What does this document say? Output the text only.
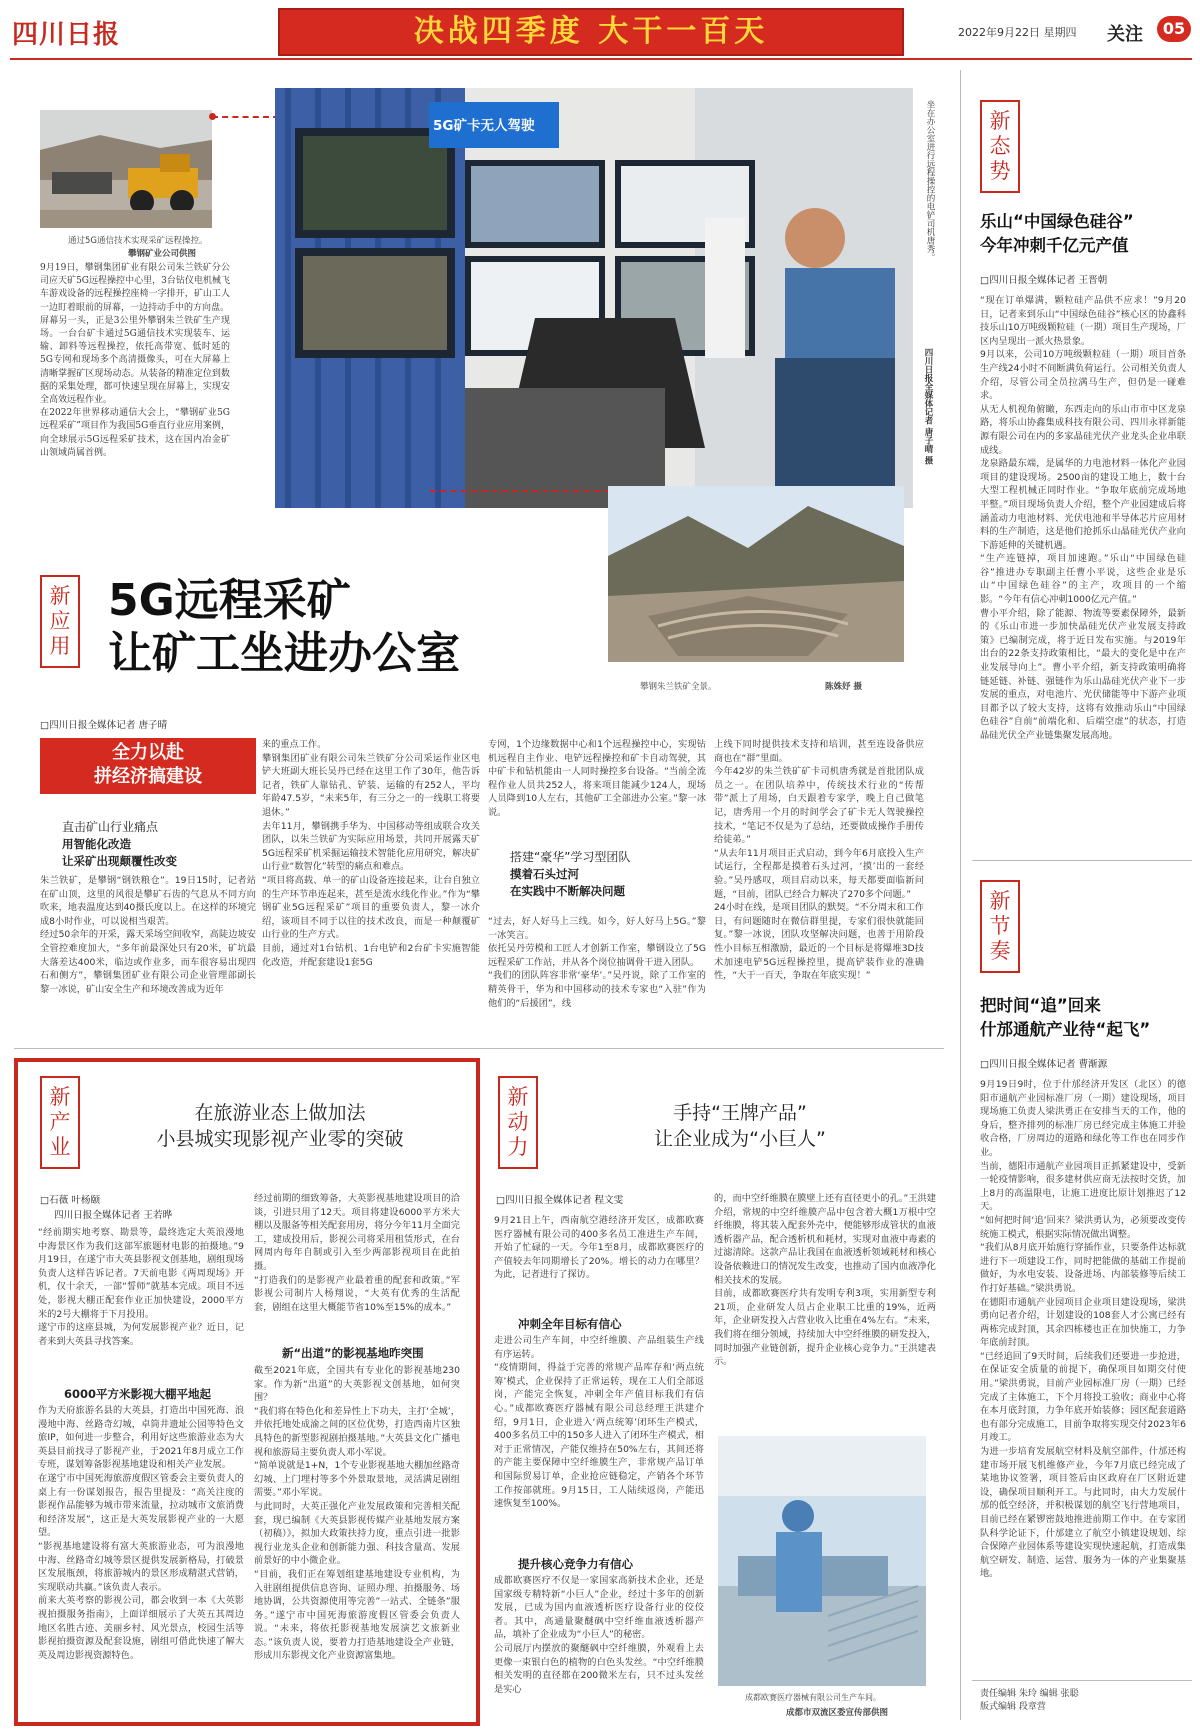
四川日报	决战四季度 大干一百天	2022年9月22日 星期四 关注	05
通过5G通信技术实现采矿远程操控。
攀钢矿业公司供图
9月19日，攀钢集团矿业有限公司朱兰铁矿分公司应天矿5G远程操控中心里，3台钻仪电机械飞车游戏设备的远程操控座椅一字排开，矿山工人一边盯着眼前的屏幕，一边持动手中的方向盘。
屏幕另一头，正是3公里外攀钢朱兰铁矿生产现场。一台台矿卡通过5G通信技术实现装车、运输、卸料等远程操控，依托高带宽、低时延的5G专网和现场多个高清摄像头，可在大屏幕上清晰掌握矿区现场动态。从装备的精准定位到数据的采集处理，都可快速呈现在屏幕上，实现安全高效远程作业。
在2022年世界移动通信大会上，“攀钢矿业5G远程采矿”项目作为我国5G垂直行业应用案例，向全球展示5G远程采矿技术，这在国内冶金矿山领域尚属首例。
5G矿卡无人驾驶	坐在办公室进行远程操控的电铲司机唐秀。
四川日报全媒体记者 唐子晴 摄
攀钢朱兰铁矿全景。	陈姝妤 摄
新应用
5G远程采矿
让矿工坐进办公室
□四川日报全媒体记者 唐子晴
全力以赴
拼经济搞建设
直击矿山行业痛点
用智能化改造
让采矿出现颠覆性改变
朱兰铁矿，是攀钢“钢铁粮仓”。19日15时，记者站在矿山顶，这里的风很是攀矿石齿的气息从不同方向吹来，地表温度达到40摄氏度以上。在这样的环境完成8小时作业，可以说相当艰苦。
经过50余年的开采，露天采场空间收窄，高陡边坡安全管控难度加大，“多年前最深处只有20米，矿坑最大落差达400米，临边或作业多，而车很容易出现四石和侧方”，攀钢集团矿业有限公司企业管理部副长黎一冰说，矿山安全生产和环境改善成为近年
来的重点工作。
攀钢集团矿业有限公司朱兰铁矿分公司采运作业区电铲大班副大班长吴丹已经在这里工作了30年，他告诉记者，铁矿人靠钻孔、铲装、运输的有252人，平均年龄47.5岁，“未来5年，有三分之一的一线职工将要退休。”
去年11月，攀钢携手华为、中国移动等组成联合攻关团队，以朱兰铁矿为实际应用场景，共同开展露天矿5G远程采矿机采掘运输技术智能化应用研究，解决矿山行业“数智化”转型的痛点和难点。
“项目将高载、单一的矿山设备连接起来，让台自独立的生产环节串连起来，甚至是流水线化作业。”作为“攀钢矿业5G远程采矿”项目的重要负责人，黎一冰介绍，该项目不同于以往的技术改良，而是一种颠覆矿山行业的生产方式。
目前，通过对1台钻机、1台电铲和2台矿卡实施智能化改造，并配套建设1套5G
专网，1个边缘数据中心和1个远程操控中心，实现钻机远程自主作业、电铲远程操控和矿卡自动驾驶，其中矿卡和钻机能由一人同时操控多台设备。“当前全流程作业人员共252人，将来项目能减少124人，现场人员降到10人左右，其他矿工全部进办公室。”黎一冰说。
搭建“豪华”学习型团队
摸着石头过河
在实践中不断解决问题
“过去，好人好马上三线。如今，好人好马上5G。”黎一冰笑言。
依托吴丹劳模和工匠人才创新工作室，攀钢设立了5G远程采矿工作站，并从各个岗位抽调骨干进入团队。
“我们的团队阵容非常‘豪华’。”吴丹说，除了工作室的精英骨干，华为和中国移动的技术专家也“入驻”作为他们的“后援团”，线
上线下同时提供技术支持和培训，甚至连设备供应商也在“群”里面。
今年42岁的朱兰铁矿矿卡司机唐秀就是首批团队成员之一。在团队培养中，传统技术行业的“传帮带”派上了用场，白天跟着专家学，晚上自己做笔记，唐秀用一个月的时间学会了矿卡无人驾驶操控技术，“笔记不仅是为了总结，还要做成操作手册传给徒弟。”
“从去年11月项目正式启动，到今年6月底投入生产试运行，全程都是摸着石头过河，‘摸’出的一套经验。”吴丹感叹，项目启动以来，每天都要面临新问题，“目前，团队已经合力解决了270多个问题。”
24小时在线，是项目团队的默契。“不分周末和工作日，有问题随时在微信群里提，专家们很快就能回复。”黎一冰说，团队攻坚解决问题，也善于用阶段性小目标互相激励，最近的一个目标是将爆堆3D技术加速电铲5G远程操控里，提高铲装作业的准确性，“大干一百天，争取在年底实现！”
新态势
乐山“中国绿色硅谷”
今年冲刺千亿元产值
□四川日报全媒体记者 王晋朝
“现在订单爆满，颗粒硅产品供不应求！”9月20日，记者来到乐山“中国绿色硅谷”核心区的协鑫科技乐山10万吨级颗粒硅（一期）项目生产现场，厂区内呈现出一派火热景象。
9月以来，公司10万吨级颗粒硅（一期）项目首条生产线24小时不间断满负荷运行。公司相关负责人介绍，尽管公司全员拉满马生产，但仍是一碰难求。
从无人机视角俯瞰，东西走向的乐山市市中区龙泉路，将乐山协鑫集成科技有限公司、四川永祥新能源有限公司在内的多家晶硅光伏产业龙头企业串联成线。
龙泉路最东端，是属华的力电池材料一体化产业园项目的建设现场。2500亩的建设工地上，数十台大型工程机械正同时作业。“争取年底前完成场地平整。”项目现场负责人介绍，整个产业园建成后将涵盖动力电池材料、光伏电池和半导体芯片应用材料的生产制造，这是他们抢抓乐山晶硅光伏产业向下游延伸的关键机遇。
“生产连链掉，项目加速跑。”乐山“中国绿色硅谷”推进办专职副主任曹小平说，这些企业是乐山“中国绿色硅谷”的主产，攻项目的一个缩影。“今年有信心冲刺1000亿元产值。”
曹小平介绍，除了能源、物流等要素保障外，最新的《乐山市进一步加快晶硅光伏产业发展支持政策》已编制完成，将于近日发布实施。与2019年出台的22条支持政策相比，“最大的变化是中在产业发展导向上”。曹小平介绍，新支持政策明确将链延链、补链、强链作为乐山晶硅光伏产业下一步发展的重点，对电池片、光伏储能等中下游产业项目都予以了较大支持，这将有效推动乐山“中国绿色硅谷”自前“前端化和、后端空虚”的状态，打造晶硅光伏全产业链集聚发展高地。
新节奏
把时间“追”回来
什邡通航产业待“起飞”
□四川日报全媒体记者 曹渐源
9月19日9时，位于什邡经济开发区（北区）的德阳市通航产业园标准厂房（一期）建设现场，项目现场施工负责人梁洪勇正在安排当天的工作，他的身后，整齐排列的标准厂房已经完成主体施工并验收合格，厂房周边的道路和绿化等工作也在同步作业。
当前，德阳市通航产业园项目正抓紧建设中，受新一轮疫情影响，很多建材供应商无法按时交货，加上8月的高温限电，让施工进度比原计划推迟了12天。
“如何把时间‘追’回来？梁洪勇认为，必须要改变传统施工模式，根据实际情况做出调整。
“我们从8月底开始施行穿插作业，只要条件达标就进行下一项建设工作，同时把能做的基础工作提前做好，为水电安装、设备进场、内部装修等后续工作打好基础。”梁洪勇说。
在德阳市通航产业园项目企业项目建设现场，梁洪勇向记者介绍，计划建设的108套人才公寓已经有两栋完成封顶，其余四栋楼也正在加快施工，力争年底前封顶。
“已经追回了9天时间，后续我们还要进一步抢进，在保证安全质量的前提下，确保项目如期交付使用。”梁洪勇说，目前产业园标准厂房（一期）已经完成了主体施工，下个月将投工验收；商业中心将在本月底封顶，力争年底开始装修；园区配套道路也有部分完成施工，目前争取将实现交付2023年6月竣工。
为进一步培育发展航空材料及航空部件，什邡还构建市场开展飞机维修产业，今年7月底已经完成了某地协议签署，项目签后由区政府在厂区附近建设，确保项目顺利开工。与此同时，由大力发展什邡的低空经济，并积极谋划的航空飞行营地项目，目前已经在紧锣密鼓地推进前期工作中。在专家团队科学论证下，什邡建立了航空小镇建设规划、综合保障产业园体系等建设实现快速起航，打造成集航空研发、制造、运营、服务为一体的产业集聚基地。
责任编辑 朱玲 编辑 张聪
版式编辑 段章营
新产业
在旅游业态上做加法
小县城实现影视产业零的突破
□石薇 叶杨颐
四川日报全媒体记者 王若晔
“经前期实地考察、勘景等，最终选定大英浪漫地中海景区作为我们这部军旅题材电影的拍摄地。”9月19日，在遂宁市大英县影视文创基地，剧组现场负责人这样告诉记者。7天前电影《两周现场》开机，仅十余天，一部“誓师”就基本完成。项目不远处，影视大棚正配套作业正加快建设，2000平方米的2号大棚将于下月投用。
遂宁市的这座县城，为何发展影视产业？近日，记者来到大英县寻找答案。
6000平方米影视大棚平地起
作为天府旅游名县的大英县，打造出中国死海、浪漫地中海、丝路奇幻城，卓筒井遗址公园等特色文旅IP，如何进一步整合，利用好这些旅游业态为大英县目前找寻了影视产业，于2021年8月成立工作专班，谋划筹备影视基地建设和相关产业发展。
在遂宁市中国死海旅游度假区管委会主要负责人的桌上有一份谋划报告，报告里提及：“高关注度的影视作品能够为城市带来流量，拉动城市文旅消费和经济发展”，这正是大英发展影视产业的一大愿望。
“影视基地建设将有富大英旅游业态，可为浪漫地中海、丝路奇幻城等景区提供发展新格局，打破景区发展瓶颈，将旅游城内的景区形成精湛式营销，实现联动共赢。”该负责人表示。
前来大英考察的影视公司，都会收到一本《大英影视拍摄服务指南》，上面详细展示了大英五其周边地区名胜古迹、美丽乡村、风光景点，校园生活等影视拍摄资源及配套设施，剧组可借此快速了解大英及周边影视资源特色。
经过前期的细致筹备，大英影视基地建设项目的洽谈，引进只用了12天。项目将建设6000平方米大棚以及服备等相关配套用房，将分今年11月全面完工，建成投用后，影视公司将采用租赁形式，在台网周内每年自制或引入至少两部影视项目在此拍摄。
“打造我们的是影视产业最着重的配套和政策。”军影视公司制片人杨翔说，“大英有优秀的生活配套，剧组在这里大概能节省10%至15%的成本。”
新“出道”的影视基地昨突围
截至2021年底，全国共有专业化的影视基地230家。作为新“出道”的大英影视文创基地，如何突围？
“我们将在特色化和差异性上下功夫，主打‘全城’，并依托地处成渝之间的区位优势，打造西南片区独具特色的新型影视剧拍摄基地。”大英县文化广播电视和旅游局主要负责人邓小军说。
“简单说就是1+N，1个专业影视基地大棚加丝路奇幻城、上门埋村等多个外景取景地，灵活满足剧组需要。”邓小军说。
与此同时，大英正强化产业发展政策和完善相关配套，现已编制《大英县影视传媒产业基地发展方案（初稿）》，拟加大政策扶持力度，重点引进一批影视行业龙头企业和创新能力强、科技含量高、发展前景好的中小微企业。
“目前，我们正在筹划组建基地建设专业机构，为入驻剧组提供信息咨询、证照办理、拍摄服务、场地协调，公共资源使用等完善”一站式、全链条”服务。”遂宁市中国死海旅游度假区管委会负责人说。“未来，将依托影视基地发展演艺文旅新业态。”该负责人说，要着力打造基地建设全产业链，形成川东影视文化产业资源富集地。
新动力
手持“王牌产品”
让企业成为“小巨人”
□四川日报全媒体记者 程文雯
9月21日上午，西南航空港经济开发区，成都欧赛医疗器械有限公司的400多名员工准进生产车间，开始了忙碌的一天。今年1至8月，成都欧赛医疗的产值较去年同期增长了20%。增长的动力在哪里？为此，记者进行了探访。
冲刺全年目标有信心
走进公司生产车间，中空纤维膜、产品组装生产线有序运转。
“疫情期间，得益于完善的常规产品库存和‘两点统筹’模式，企业保持了正常运转，现在工人们全部返岗，产能完全恢复，冲刺全年产值目标我们有信心。”成都欧赛医疗器械有限公司总经理王洪建介绍，9月1日，企业进入‘两点统筹’闭环生产模式，400多名员工中的150多人进入了闭环生产模式，相对于正常情况，产能仅维持在50%左右，其间还将的产能主要保障中空纤维膜生产，非常规产品订单和国际贸易订单，企业抢应链稳定，产销各个环节工作按部就班。9月15日，工人陆续返岗，产能迅速恢复至100%。
提升核心竞争力有信心
成都欧赛医疗不仅是一家国家高新技术企业，还是国家级专精特新“小巨人”企业，经过十多年的创新发展，已成为国内血液透析医疗设备行业的佼佼者。其中，高通量聚醚砜中空纤维血液透析器产品，填补了企业成为“小巨人”的秘密。
公司展厅内摆放的聚醚砜中空纤维膜，外观看上去更像一束银白色的植物的白色头发丝。“中空纤维膜相关发明的直径都在200微米左右，只不过头发丝是实心
的，而中空纤维膜在膜壁上还有直径更小的孔。”王洪建介绍，常规的中空纤维膜产品中包含着大概1万根中空纤维膜，将其装入配套外壳中，便能够形成管状的血液透析器产品，配合透析机和耗材，实现对血液中毒素的过滤清除。这款产品让我国在血液透析领域耗材和核心设备依赖进口的情况发生改变，也推动了国内血液净化相关技术的发展。
目前，成都欧赛医疗共有发明专利3项，实用新型专利21项，企业研发人员占企业职工比重的19%，近两年，企业研发投入占营业收入比重在4%左右。“未来，我们将在细分领域，持续加大中空纤维膜的研发投入，同时加强产业链创新，提升企业核心竞争力。”王洪建表示。
成都欧赛医疗器械有限公司生产车间。
成都市双流区委宣传部供图
